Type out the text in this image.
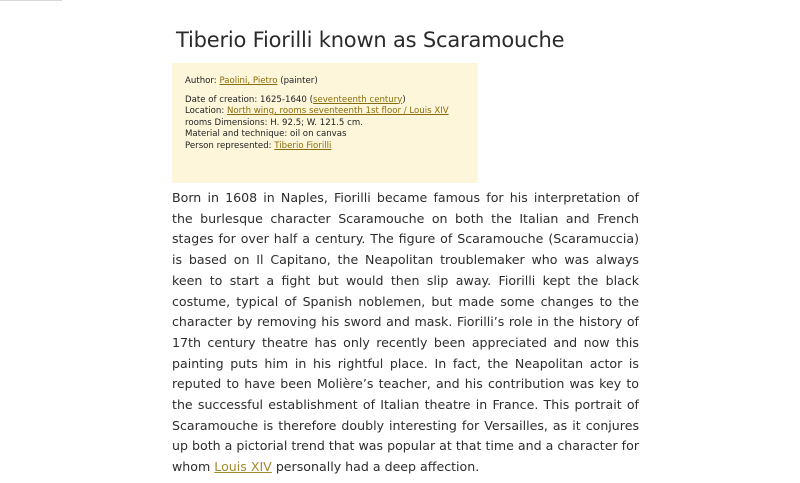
Tiberio Fiorilli known as Scaramouche
Author: Paolini, Pietro (painter)
Date of creation: 1625-1640 (seventeenth century)
Location: North wing, rooms seventeenth 1st floor / Louis XIV
rooms Dimensions: H. 92.5; W. 121.5 cm.
Material and technique: oil on canvas
Person represented: Tiberio Fiorilli

Born in 1608 in Naples, Fiorilli became famous for his interpretation of the burlesque character Scaramouche on both the Italian and French stages for over half a century. The figure of Scaramouche (Scaramuccia) is based on Il Capitano, the Neapolitan troublemaker who was always keen to start a fight but would then slip away. Fiorilli kept the black costume, typical of Spanish noblemen, but made some changes to the character by removing his sword and mask. Fiorilli’s role in the history of 17th century theatre has only recently been appreciated and now this painting puts him in his rightful place. In fact, the Neapolitan actor is reputed to have been Molière’s teacher, and his contribution was key to the successful establishment of Italian theatre in France. This portrait of Scaramouche is therefore doubly interesting for Versailles, as it conjures up both a pictorial trend that was popular at that time and a character for whom Louis XIV personally had a deep affection.
